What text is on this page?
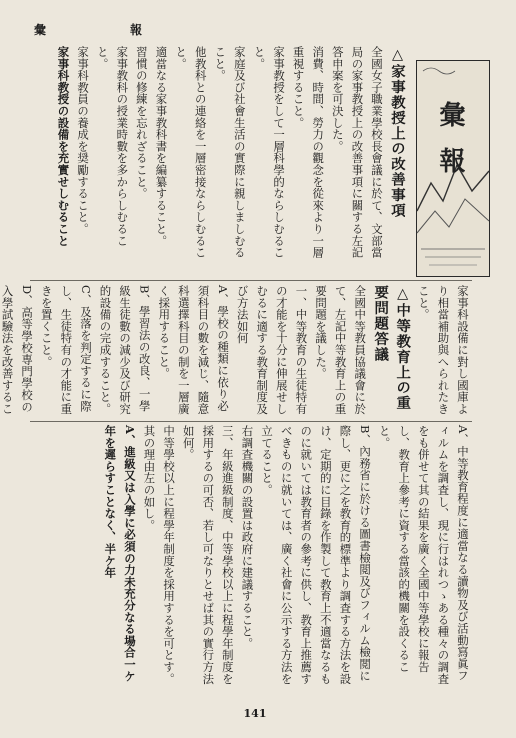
彙	報
彙報

△家事教授上の改善事項

全國女子職業學校長會議に於て、文部當局の家事教授上の改善事項に關する左記答申案を可決した。

消費、時間、勞力の觀念を從來より一層重視すること。

家事教授をして一層科學的ならしむること。

家庭及び社會生活の實際に親しましむること。

他教科との連絡を一層密接ならしむること。

適當なる家事教科書を編纂すること。

習慣の修練を忘れざること。

家事教科の授業時數を多からしむること。

家事科教員の養成を奨勵すること。

家事科教授の設備を充實せしむること

家事科設備に對し國庫より相當補助與へられたきこと。

△中等教育上の重要問題答議

全國中等教員協議會に於て、左記中等教育上の重要問題を議した。

一、中等教育の生徒特有の才能を十分に伸展せしむるに適する教育制度及び方法如何

A、學校の種類に依り必須科目の數を減じ、隨意科選擇科目の制を一層廣く採用すること。

B、學習法の改良、一學級生徒數の減少及び研究的設備の完成すること。

C、及落を判定するに際し、生徒特有の才能に重きを置くこと。

D、高等學校専門學校の入學試驗法を改善するこ

A、中等教育程度に適當なる讀物及び活動寫眞フィルムを調査し、現に行はれつゝある種々の調査をも併せて其の結果を廣く全國中等學校に報告し、教育上參考に資する當該的機關を設くること。

B、內務省に於ける圖書檢閲及びフィルム檢閲に際し、更に之を教育的標準より調査する方法を設け、定期的に目錄を作製して教育上不適當なるものに就いては教育者の參考に供し、教育上推薦すべきものに就いては、廣く社會に公示する方法を立てること。

右調査機關の設置は政府に建議すること。

三、年級進級制度、中等學校以上に程學年制度を採用するの可否、若し可なりとせば其の實行方法如何。

中等學校以上に程學年制度を採用するを可とす。其の理由左の如し。

A、進級又は入學に必須の力未充分なる場合一ケ年を遲らすことなく、半ケ年

141
